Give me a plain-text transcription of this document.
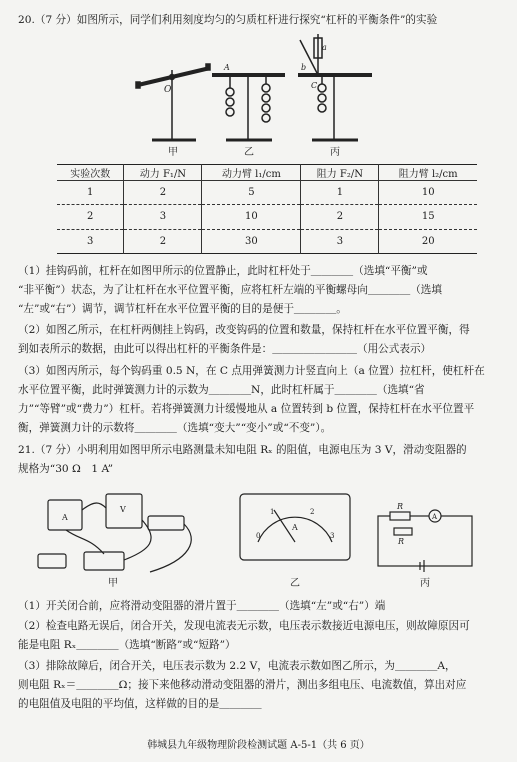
20.（7 分）如图所示，同学们利用刻度均匀的匀质杠杆进行探究“杠杆的平衡条件”的实验
O
A
a
b
C
甲	乙	丙
实验次数	动力 F₁/N	动力臂 l₁/cm	阻力 F₂/N	阻力臂 l₂/cm
1	2	5	1	10
2	3	10	2	15
3	2	30	3	20
（1）挂钩码前，杠杆在如图甲所示的位置静止，此时杠杆处于＿＿＿＿（选填“平衡”或
“非平衡”）状态，为了让杠杆在水平位置平衡，应将杠杆左端的平衡螺母向＿＿＿＿（选填
“左”或“右”）调节，调节杠杆在水平位置平衡的目的是便于＿＿＿＿。
（2）如图乙所示，在杠杆两侧挂上钩码，改变钩码的位置和数量，保持杠杆在水平位置平衡，得
到如表所示的数据，由此可以得出杠杆的平衡条件是：＿＿＿＿＿＿＿＿（用公式表示）
（3）如图丙所示，每个钩码重 0.5 N，在 C 点用弹簧测力计竖直向上（a 位置）拉杠杆，使杠杆在
水平位置平衡，此时弹簧测力计的示数为＿＿＿＿N，此时杠杆属于＿＿＿＿（选填“省
力”“等臂”或“费力”）杠杆。若将弹簧测力计缓慢地从 a 位置转到 b 位置，保持杠杆在水平位置平
衡，弹簧测力计的示数将＿＿＿＿（选填“变大”“变小”或“不变”）。
21.（7 分）小明利用如图甲所示电路测量未知电阻 Rₓ 的阻值，电源电压为 3 V，滑动变阻器的
规格为“30 Ω　1 A”
A
V
0
1	2
3
A
R
A
R
甲	乙	丙
（1）开关闭合前，应将滑动变阻器的滑片置于＿＿＿＿（选填“左”或“右”）端
（2）检查电路无误后，闭合开关，发现电流表无示数，电压表示数接近电源电压，则故障原因可
能是电阻 Rₓ＿＿＿＿（选填“断路”或“短路”）
（3）排除故障后，闭合开关，电压表示数为 2.2 V，电流表示数如图乙所示，为＿＿＿＿A，
则电阻 Rₓ＝＿＿＿＿Ω；接下来他移动滑动变阻器的滑片，测出多组电压、电流数值，算出对应
的电阻值及电阻的平均值，这样做的目的是＿＿＿＿
韩城县九年级物理阶段检测试题 A-5-1（共 6 页）
